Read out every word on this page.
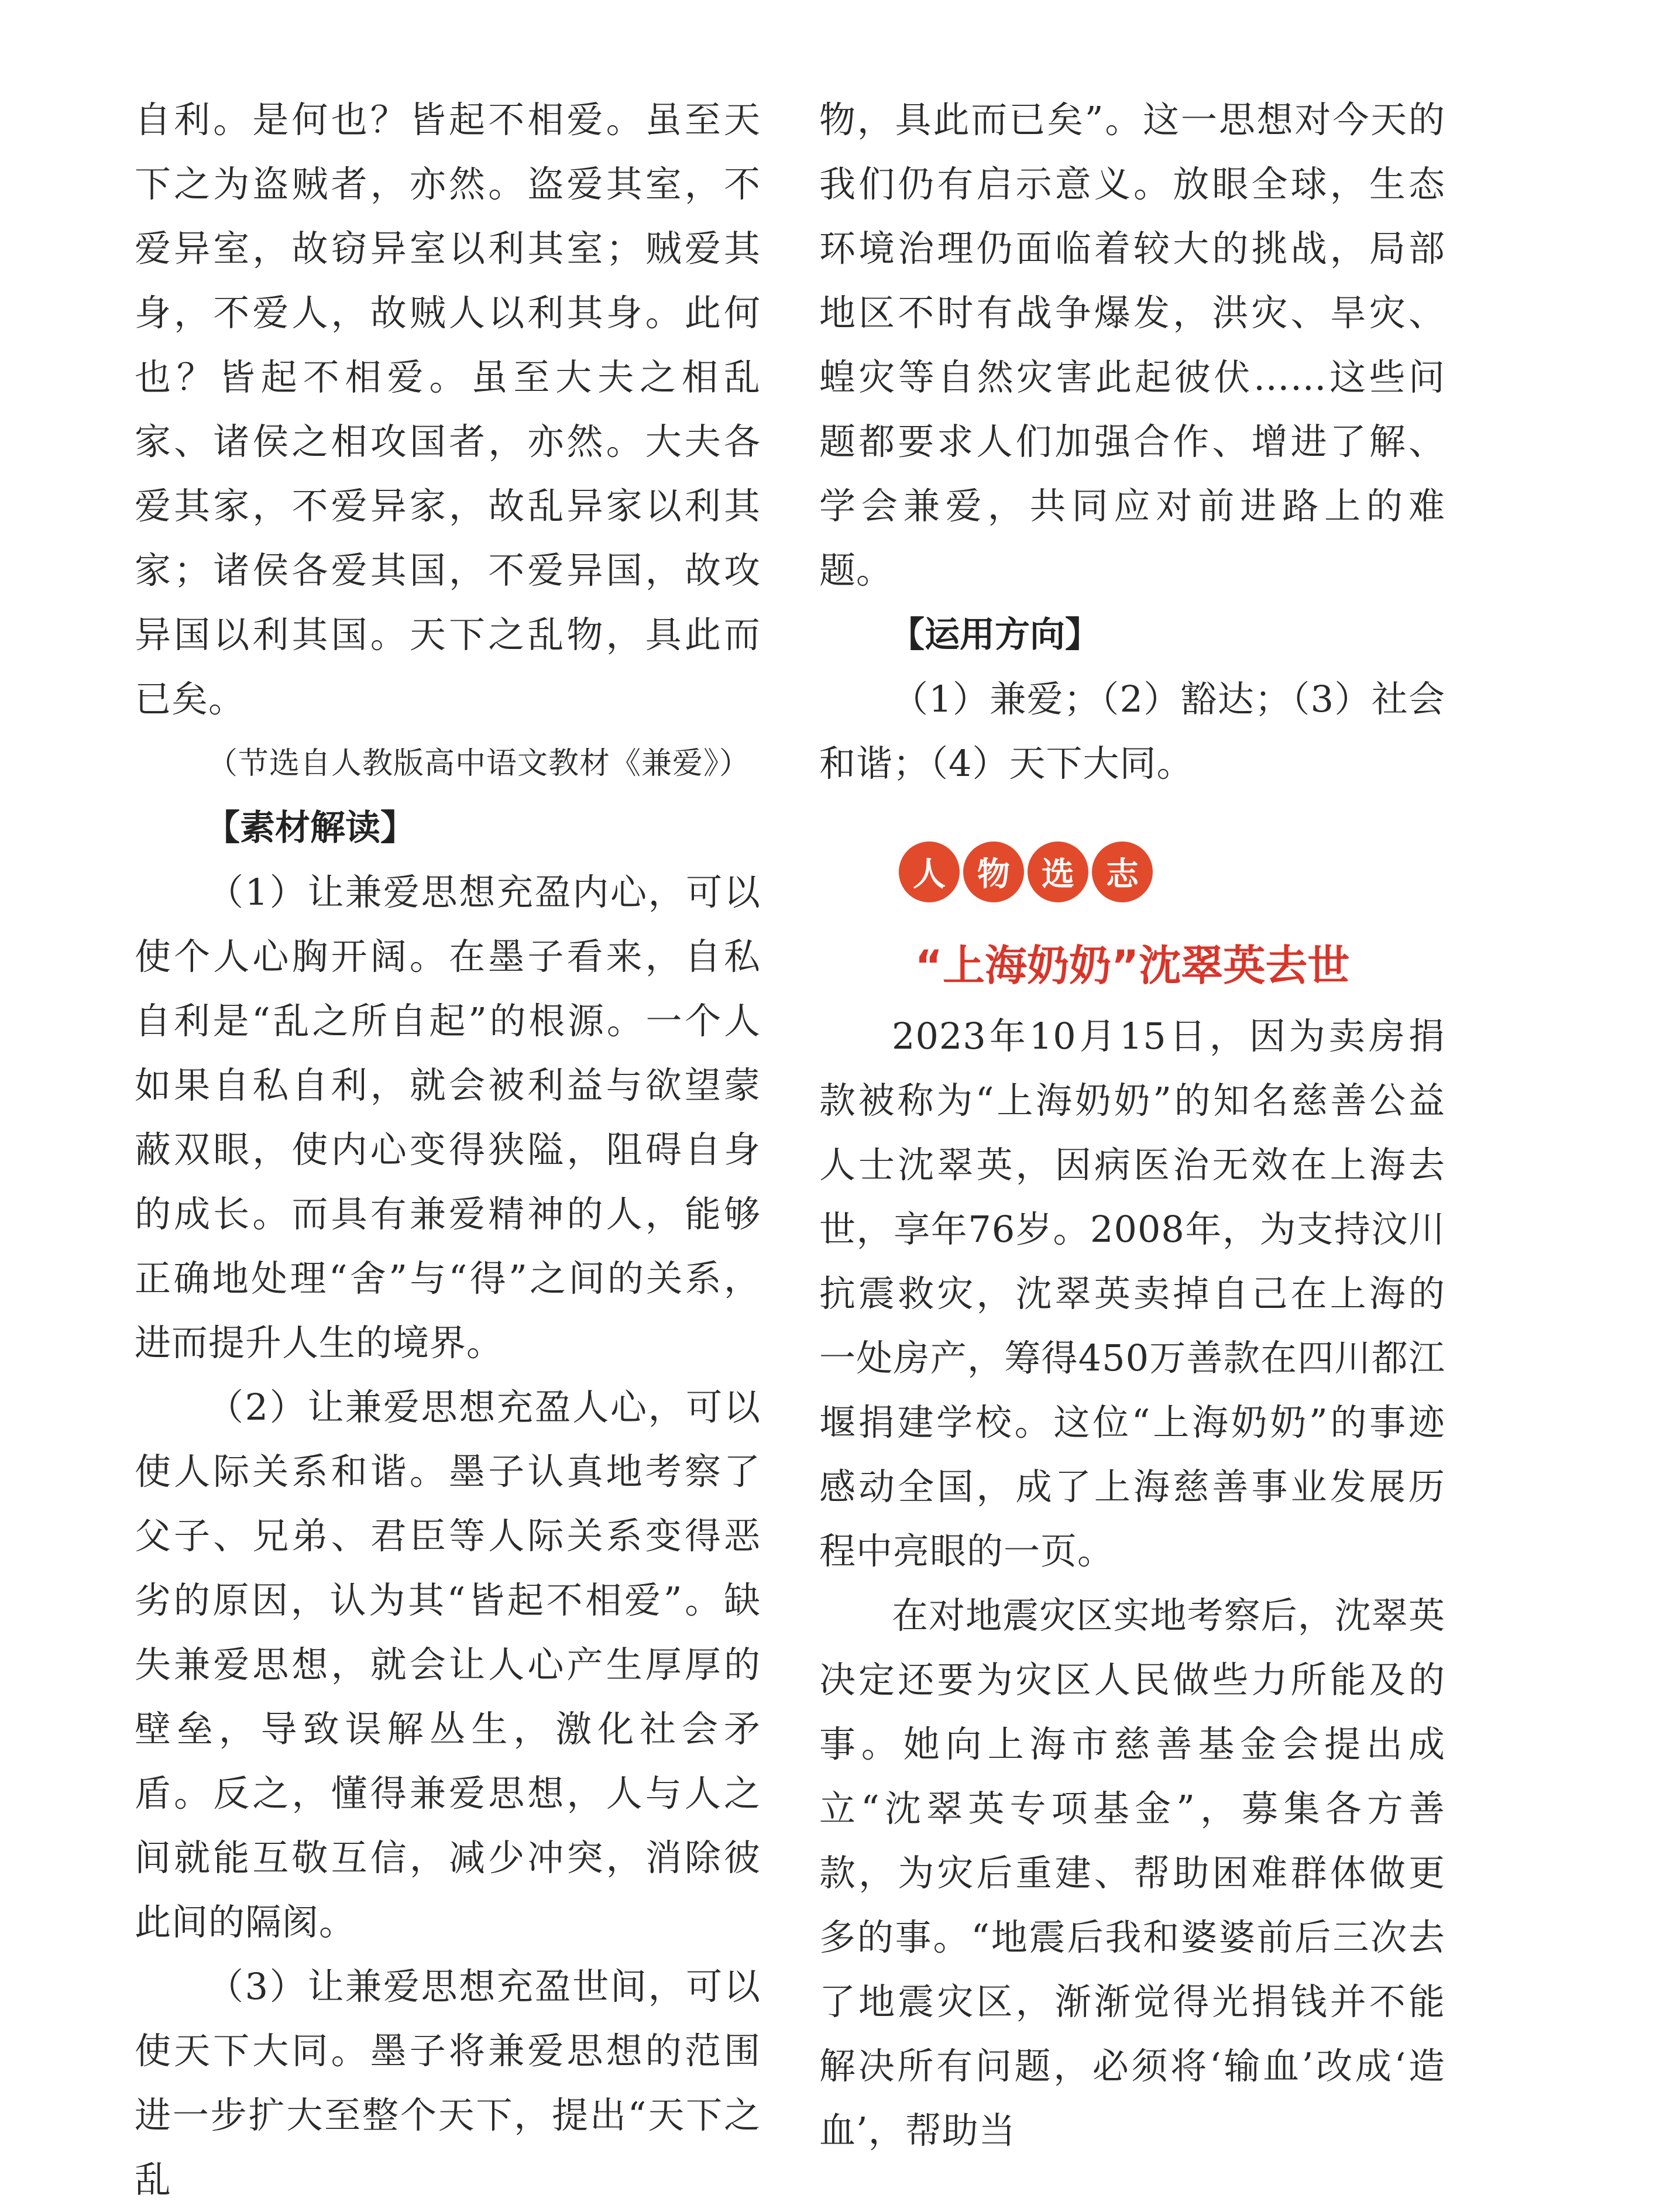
自利。是何也？皆起不相爱。虽至天下之为盗贼者，亦然。盗爱其室，不爱异室，故窃异室以利其室；贼爱其身，不爱人，故贼人以利其身。此何也？皆起不相爱。虽至大夫之相乱家、诸侯之相攻国者，亦然。大夫各爱其家，不爱异家，故乱异家以利其家；诸侯各爱其国，不爱异国，故攻异国以利其国。天下之乱物，具此而已矣。

（节选自人教版高中语文教材《兼爱》）

【素材解读】

（1）让兼爱思想充盈内心，可以使个人心胸开阔。在墨子看来，自私自利是“乱之所自起”的根源。一个人如果自私自利，就会被利益与欲望蒙蔽双眼，使内心变得狭隘，阻碍自身的成长。而具有兼爱精神的人，能够正确地处理“舍”与“得”之间的关系，进而提升人生的境界。

（2）让兼爱思想充盈人心，可以使人际关系和谐。墨子认真地考察了父子、兄弟、君臣等人际关系变得恶劣的原因，认为其“皆起不相爱”。缺失兼爱思想，就会让人心产生厚厚的壁垒，导致误解丛生，激化社会矛盾。反之，懂得兼爱思想，人与人之间就能互敬互信，减少冲突，消除彼此间的隔阂。

（3）让兼爱思想充盈世间，可以使天下大同。墨子将兼爱思想的范围进一步扩大至整个天下，提出“天下之乱

物，具此而已矣”。这一思想对今天的我们仍有启示意义。放眼全球，生态环境治理仍面临着较大的挑战，局部地区不时有战争爆发，洪灾、旱灾、蝗灾等自然灾害此起彼伏……这些问题都要求人们加强合作、增进了解、学会兼爱，共同应对前进路上的难题。

【运用方向】

（1）兼爱；（2）豁达；（3）社会和谐；（4）天下大同。

人 物 选 志

“上海奶奶”沈翠英去世

2023年10月15日，因为卖房捐款被称为“上海奶奶”的知名慈善公益人士沈翠英，因病医治无效在上海去世，享年76岁。2008年，为支持汶川抗震救灾，沈翠英卖掉自己在上海的一处房产，筹得450万善款在四川都江堰捐建学校。这位“上海奶奶”的事迹感动全国，成了上海慈善事业发展历程中亮眼的一页。

在对地震灾区实地考察后，沈翠英决定还要为灾区人民做些力所能及的事。她向上海市慈善基金会提出成立“沈翠英专项基金”，募集各方善款，为灾后重建、帮助困难群体做更多的事。“地震后我和婆婆前后三次去了地震灾区，渐渐觉得光捐钱并不能解决所有问题，必须将‘输血’改成‘造血’，帮助当
